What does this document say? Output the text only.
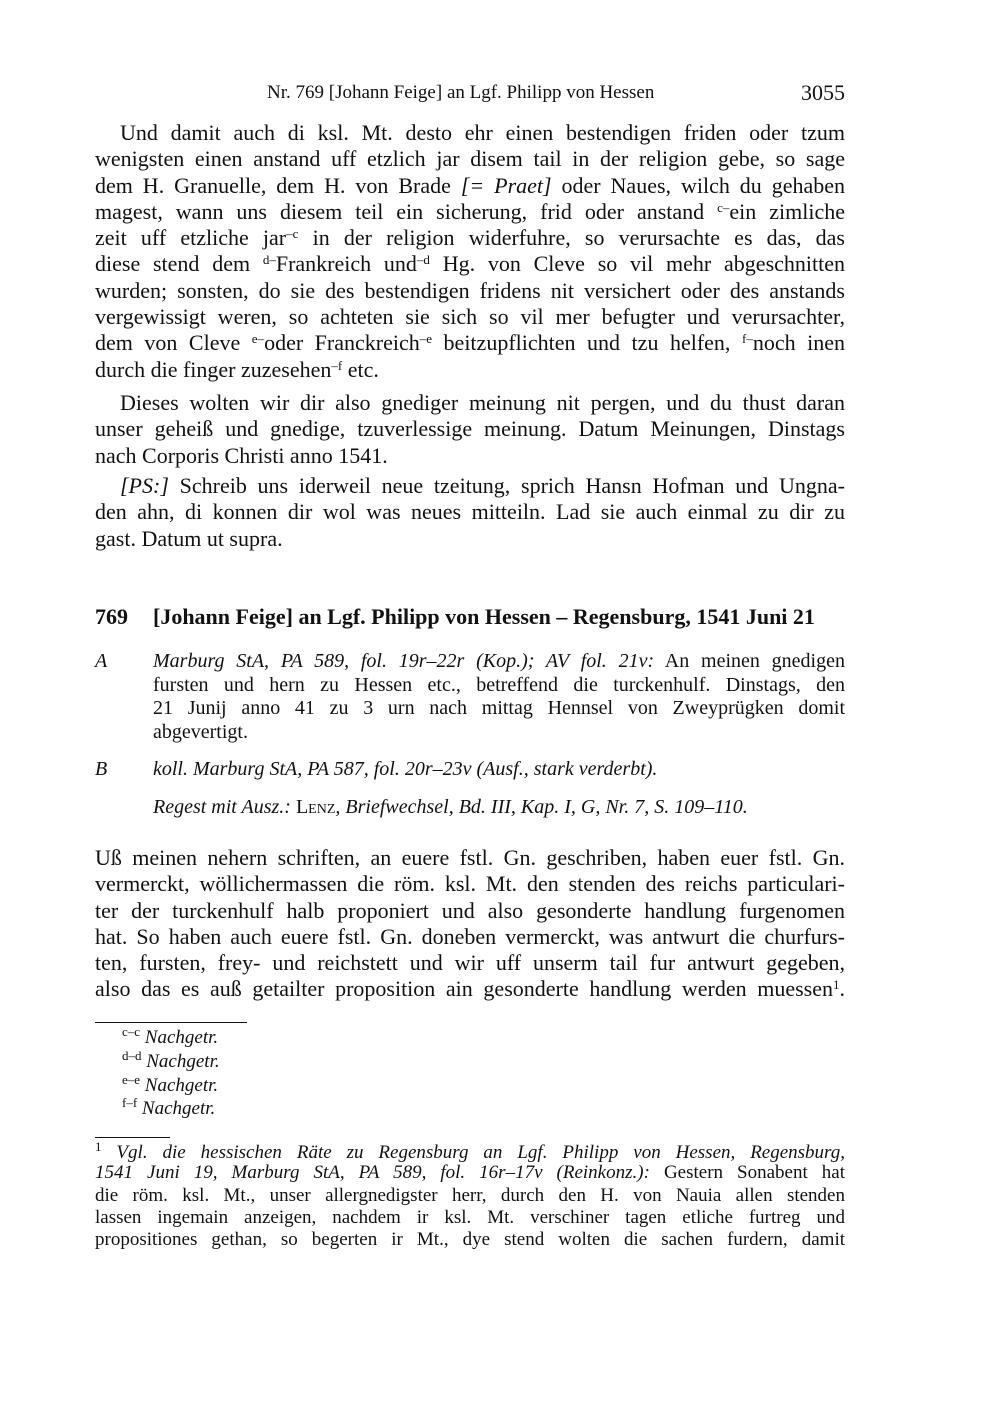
Nr. 769 [Johann Feige] an Lgf. Philipp von Hessen	3055
Und damit auch di ksl. Mt. desto ehr einen bestendigen friden oder tzum
wenigsten einen anstand uff etzlich jar disem tail in der religion gebe, so sage
dem H. Granuelle, dem H. von Brade [= Praet] oder Naues, wilch du gehaben
magest, wann uns diesem teil ein sicherung, frid oder anstand $^{c-}$ein zimliche
zeit uff etzliche jar$^{-c}$ in der religion widerfuhre, so verursachte es das, das
diese stend dem $^{d-}$Frankreich und$^{-d}$ Hg. von Cleve so vil mehr abgeschnitten
wurden; sonsten, do sie des bestendigen fridens nit versichert oder des anstands
vergewissigt weren, so achteten sie sich so vil mer befugter und verursachter,
dem von Cleve $^{e-}$oder Franckreich$^{-e}$ beitzupflichten und tzu helfen, $^{f-}$noch inen
durch die finger zuzesehen$^{-f}$ etc.
Dieses wolten wir dir also gnediger meinung nit pergen, und du thust daran
unser geheiß und gnedige, tzuverlessige meinung. Datum Meinungen, Dinstags
nach Corporis Christi anno 1541.
[PS:] Schreib uns iderweil neue tzeitung, sprich Hansn Hofman und Ungna-
den ahn, di konnen dir wol was neues mitteiln. Lad sie auch einmal zu dir zu
gast. Datum ut supra.
769	[Johann Feige] an Lgf. Philipp von Hessen – Regensburg, 1541 Juni 21
A Marburg StA, PA 589, fol. 19r–22r (Kop.); AV fol. 21v: An meinen gnedigen
fursten und hern zu Hessen etc., betreffend die turckenhulf. Dinstags, den
21 Junij anno 41 zu 3 urn nach mittag Hennsel von Zweyprügken domit
abgevertigt.
B koll. Marburg StA, PA 587, fol. 20r–23v (Ausf., stark verderbt).
Regest mit Ausz.: Lenz, Briefwechsel, Bd. III, Kap. I, G, Nr. 7, S. 109–110.
Uß meinen nehern schriften, an euere fstl. Gn. geschriben, haben euer fstl. Gn.
vermerckt, wöllichermassen die röm. ksl. Mt. den stenden des reichs particulari-
ter der turckenhulf halb proponiert und also gesonderte handlung furgenomen
hat. So haben auch euere fstl. Gn. doneben vermerckt, was antwurt die churfurs-
ten, fursten, frey- und reichstett und wir uff unserm tail fur antwurt gegeben,
also das es auß getailter proposition ain gesonderte handlung werden muessen$^1$.
$^{c-c}$ Nachgetr.
$^{d-d}$ Nachgetr.
$^{e-e}$ Nachgetr.
$^{f-f}$ Nachgetr.
$^1$ Vgl. die hessischen Räte zu Regensburg an Lgf. Philipp von Hessen, Regensburg,
1541 Juni 19, Marburg StA, PA 589, fol. 16r–17v (Reinkonz.): Gestern Sonabent hat
die röm. ksl. Mt., unser allergnedigster herr, durch den H. von Nauia allen stenden
lassen ingemain anzeigen, nachdem ir ksl. Mt. verschiner tagen etliche furtreg und
propositiones gethan, so begerten ir Mt., dye stend wolten die sachen furdern, damit
